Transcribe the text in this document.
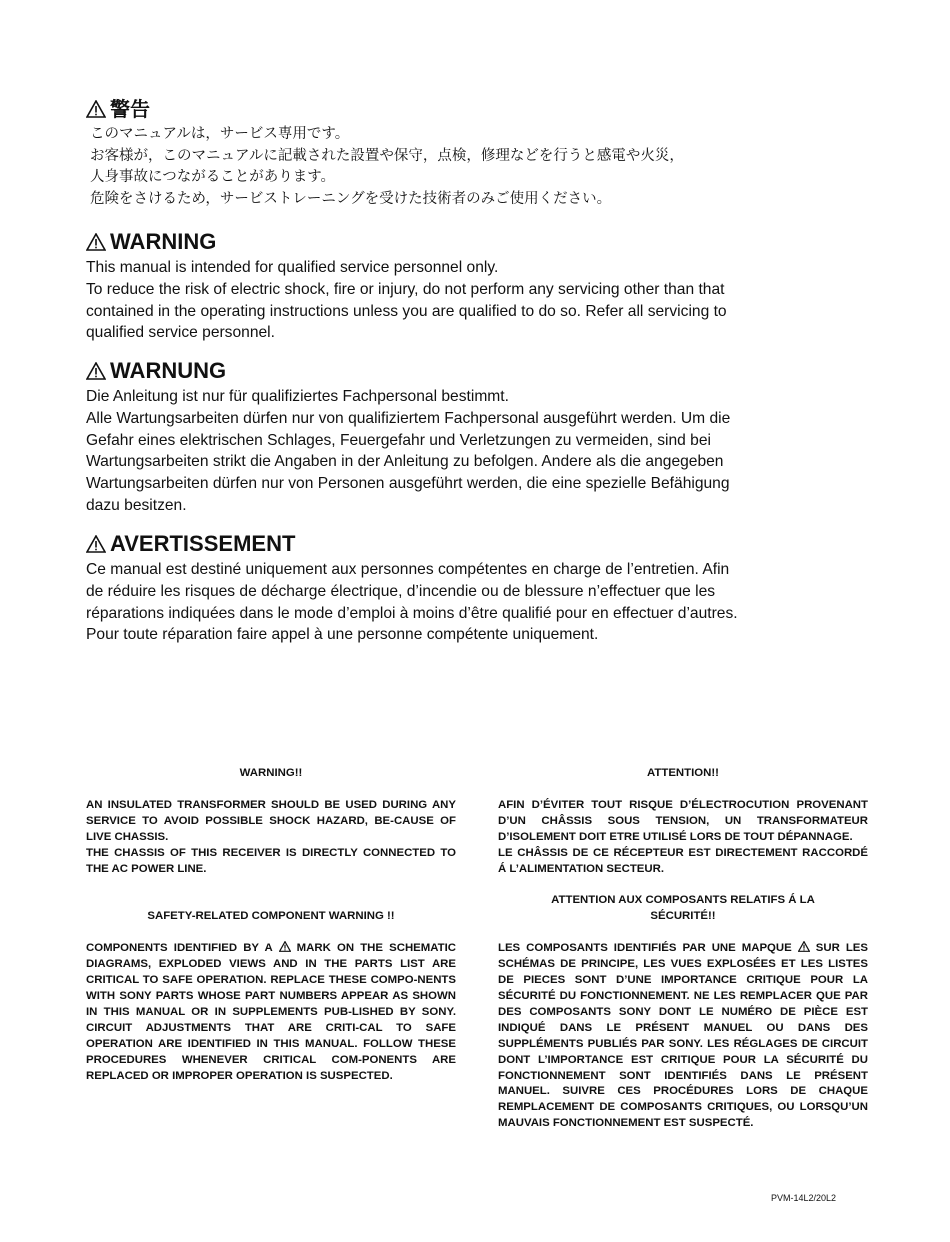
警告
このマニュアルは，サービス専用です。
お客様が，このマニュアルに記載された設置や保守，点検，修理などを行うと感電や火災，
人身事故につながることがあります。
危険をさけるため，サービストレーニングを受けた技術者のみご使用ください。
WARNING
This manual is intended for qualified service personnel only.
To reduce the risk of electric shock, fire or injury, do not perform any servicing other than that
contained in the operating instructions unless you are qualified to do so. Refer all servicing to
qualified service personnel.
WARNUNG
Die Anleitung ist nur für qualifiziertes Fachpersonal bestimmt.
Alle Wartungsarbeiten dürfen nur von qualifiziertem Fachpersonal ausgeführt werden. Um die
Gefahr eines elektrischen Schlages, Feuergefahr und Verletzungen zu vermeiden, sind bei
Wartungsarbeiten strikt die Angaben in der Anleitung zu befolgen. Andere als die angegeben
Wartungsarbeiten dürfen nur von Personen ausgeführt werden, die eine spezielle Befähigung
dazu besitzen.
AVERTISSEMENT
Ce manual est destiné uniquement aux personnes compétentes en charge de l’entretien. Afin
de réduire les risques de décharge électrique, d’incendie ou de blessure n’effectuer que les
réparations indiquées dans le mode d’emploi à moins d’être qualifié pour en effectuer d’autres.
Pour toute réparation faire appel à une personne compétente uniquement.

WARNING!!

AN INSULATED TRANSFORMER SHOULD BE USED DURING ANY SERVICE TO AVOID POSSIBLE SHOCK HAZARD, BE-CAUSE OF LIVE CHASSIS.

THE CHASSIS OF THIS RECEIVER IS DIRECTLY CONNECTED TO THE AC POWER LINE.

SAFETY-RELATED COMPONENT WARNING !!

COMPONENTS IDENTIFIED BY A MARK ON THE SCHEMATIC DIAGRAMS, EXPLODED VIEWS AND IN THE PARTS LIST ARE CRITICAL TO SAFE OPERATION. REPLACE THESE COMPO-NENTS WITH SONY PARTS WHOSE PART NUMBERS APPEAR AS SHOWN IN THIS MANUAL OR IN SUPPLEMENTS PUB-LISHED BY SONY. CIRCUIT ADJUSTMENTS THAT ARE CRITI-CAL TO SAFE OPERATION ARE IDENTIFIED IN THIS MANUAL. FOLLOW THESE PROCEDURES WHENEVER CRITICAL COM-PONENTS ARE REPLACED OR IMPROPER OPERATION IS SUSPECTED.

ATTENTION!!

AFIN D’ÉVITER TOUT RISQUE D’ÉLECTROCUTION PROVENANT D’UN CHÂSSIS SOUS TENSION, UN TRANSFORMATEUR D’ISOLEMENT DOIT ETRE UTILISÉ LORS DE TOUT DÉPANNAGE.

LE CHÂSSIS DE CE RÉCEPTEUR EST DIRECTEMENT RACCORDÉ Á L’ALIMENTATION SECTEUR.

ATTENTION AUX COMPOSANTS RELATIFS Á LA

SÉCURITÉ!!

LES COMPOSANTS IDENTIFIÉS PAR UNE MAPQUE SUR LES SCHÉMAS DE PRINCIPE, LES VUES EXPLOSÉES ET LES LISTES DE PIECES SONT D’UNE IMPORTANCE CRITIQUE POUR LA SÉCURITÉ DU FONCTIONNEMENT. NE LES REMPLACER QUE PAR DES COMPOSANTS SONY DONT LE NUMÉRO DE PIÈCE EST INDIQUÉ DANS LE PRÉSENT MANUEL OU DANS DES SUPPLÉMENTS PUBLIÉS PAR SONY. LES RÉGLAGES DE CIRCUIT DONT L’IMPORTANCE EST CRITIQUE POUR LA SÉCURITÉ DU FONCTIONNEMENT SONT IDENTIFIÉS DANS LE PRÉSENT MANUEL. SUIVRE CES PROCÉDURES LORS DE CHAQUE REMPLACEMENT DE COMPOSANTS CRITIQUES, OU LORSQU’UN MAUVAIS FONCTIONNEMENT EST SUSPECTÉ.

PVM-14L2/20L2
